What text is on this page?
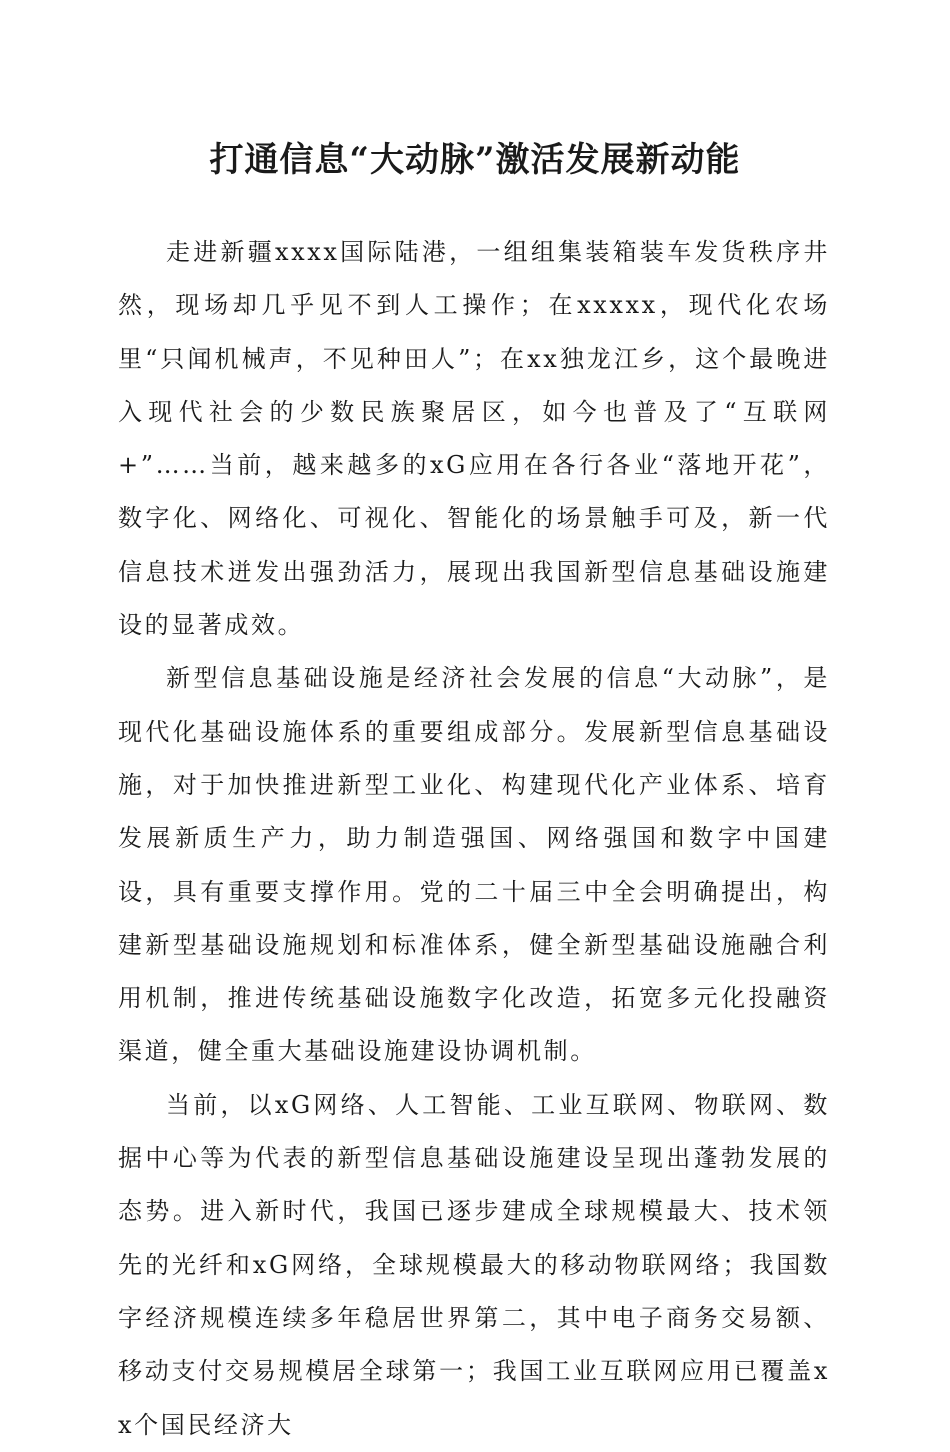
打通信息“大动脉”激活发展新动能

走进新疆xxxx国际陆港，一组组集装箱装车发货秩序井然，现场却几乎见不到人工操作；在xxxxx，现代化农场里“只闻机械声，不见种田人”；在xx独龙江乡，这个最晚进入现代社会的少数民族聚居区，如今也普及了“互联网+”……当前，越来越多的xG应用在各行各业“落地开花”，数字化、网络化、可视化、智能化的场景触手可及，新一代信息技术迸发出强劲活力，展现出我国新型信息基础设施建设的显著成效。

新型信息基础设施是经济社会发展的信息“大动脉”，是现代化基础设施体系的重要组成部分。发展新型信息基础设施，对于加快推进新型工业化、构建现代化产业体系、培育发展新质生产力，助力制造强国、网络强国和数字中国建设，具有重要支撑作用。党的二十届三中全会明确提出，构建新型基础设施规划和标准体系，健全新型基础设施融合利用机制，推进传统基础设施数字化改造，拓宽多元化投融资渠道，健全重大基础设施建设协调机制。

当前，以xG网络、人工智能、工业互联网、物联网、数据中心等为代表的新型信息基础设施建设呈现出蓬勃发展的态势。进入新时代，我国已逐步建成全球规模最大、技术领先的光纤和xG网络，全球规模最大的移动物联网络；我国数字经济规模连续多年稳居世界第二，其中电子商务交易额、移动支付交易规模居全球第一；我国工业互联网应用已覆盖xx个国民经济大
